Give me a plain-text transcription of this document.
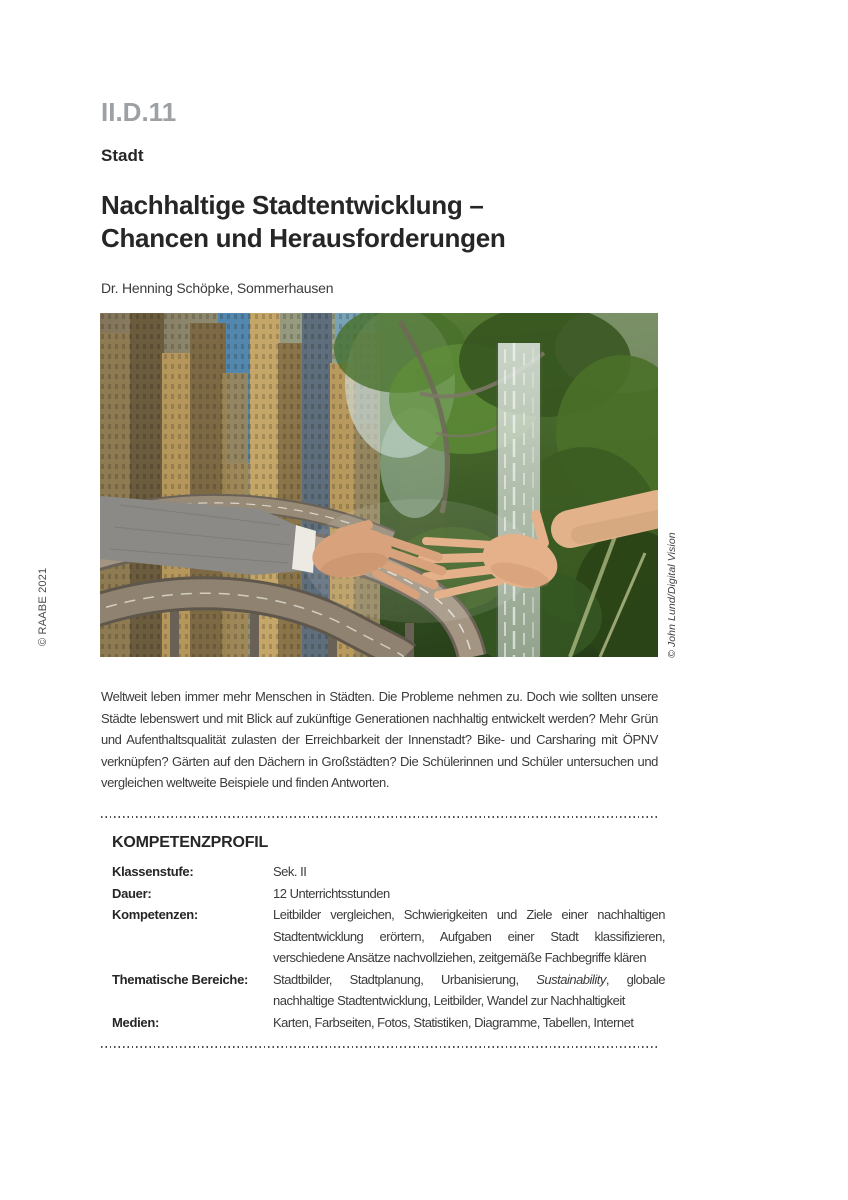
II.D.11
Stadt
Nachhaltige Stadtentwicklung –
Chancen und Herausforderungen
Dr. Henning Schöpke, Sommerhausen
© RAABE 2021	© John Lund/Digital Vision
Weltweit leben immer mehr Menschen in Städten. Die Probleme nehmen zu. Doch wie sollten unsere Städte lebenswert und mit Blick auf zukünftige Generationen nachhaltig entwickelt werden? Mehr Grün und Aufenthaltsqualität zulasten der Erreichbarkeit der Innenstadt? Bike- und Carsharing mit ÖPNV verknüpfen? Gärten auf den Dächern in Großstädten? Die Schülerinnen und Schüler untersuchen und vergleichen weltweite Beispiele und finden Antworten.
KOMPETENZPROFIL
Klassenstufe:	Sek. II
Dauer:	12 Unterrichtsstunden
Kompetenzen:	Leitbilder vergleichen, Schwierigkeiten und Ziele einer nachhaltigen Stadtentwicklung erörtern, Aufgaben einer Stadt klassifizieren, verschiedene Ansätze nachvollziehen, zeitgemäße Fachbegriffe klären
Thematische Bereiche:	Stadtbilder, Stadtplanung, Urbanisierung, Sustainability, globale nachhaltige Stadtentwicklung, Leitbilder, Wandel zur Nachhaltigkeit
Medien:	Karten, Farbseiten, Fotos, Statistiken, Diagramme, Tabellen, Internet
